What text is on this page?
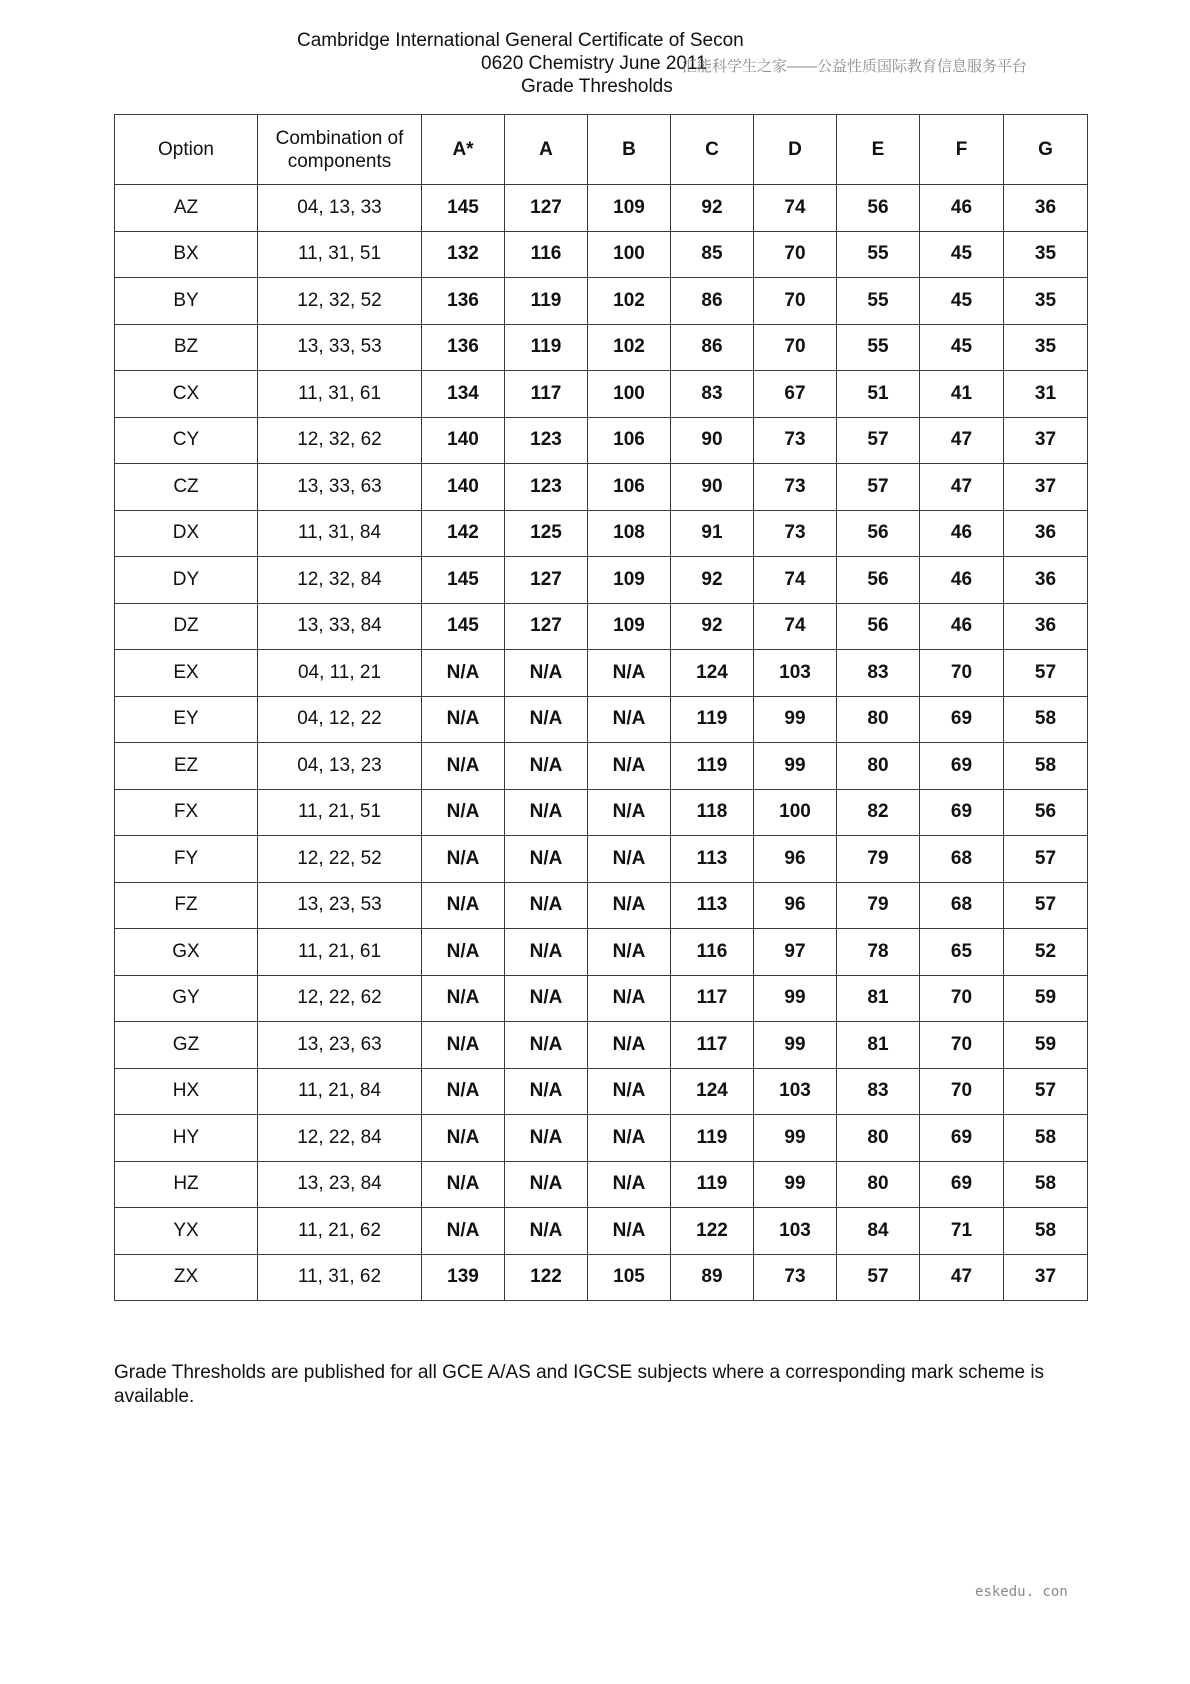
Cambridge International General Certificate of Secon
0620 Chemistry June 2011
Grade Thresholds
汇能科学生之家——公益性质国际教育信息服务平台
Option	Combination of components	A*	A	B	C	D	E	F	G
AZ	04, 13, 33	145	127	109	92	74	56	46	36
BX	11, 31, 51	132	116	100	85	70	55	45	35
BY	12, 32, 52	136	119	102	86	70	55	45	35
BZ	13, 33, 53	136	119	102	86	70	55	45	35
CX	11, 31, 61	134	117	100	83	67	51	41	31
CY	12, 32, 62	140	123	106	90	73	57	47	37
CZ	13, 33, 63	140	123	106	90	73	57	47	37
DX	11, 31, 84	142	125	108	91	73	56	46	36
DY	12, 32, 84	145	127	109	92	74	56	46	36
DZ	13, 33, 84	145	127	109	92	74	56	46	36
EX	04, 11, 21	N/A	N/A	N/A	124	103	83	70	57
EY	04, 12, 22	N/A	N/A	N/A	119	99	80	69	58
EZ	04, 13, 23	N/A	N/A	N/A	119	99	80	69	58
FX	11, 21, 51	N/A	N/A	N/A	118	100	82	69	56
FY	12, 22, 52	N/A	N/A	N/A	113	96	79	68	57
FZ	13, 23, 53	N/A	N/A	N/A	113	96	79	68	57
GX	11, 21, 61	N/A	N/A	N/A	116	97	78	65	52
GY	12, 22, 62	N/A	N/A	N/A	117	99	81	70	59
GZ	13, 23, 63	N/A	N/A	N/A	117	99	81	70	59
HX	11, 21, 84	N/A	N/A	N/A	124	103	83	70	57
HY	12, 22, 84	N/A	N/A	N/A	119	99	80	69	58
HZ	13, 23, 84	N/A	N/A	N/A	119	99	80	69	58
YX	11, 21, 62	N/A	N/A	N/A	122	103	84	71	58
ZX	11, 31, 62	139	122	105	89	73	57	47	37
Grade Thresholds are published for all GCE A/AS and IGCSE subjects where a corresponding mark scheme is available.
eskedu. con
